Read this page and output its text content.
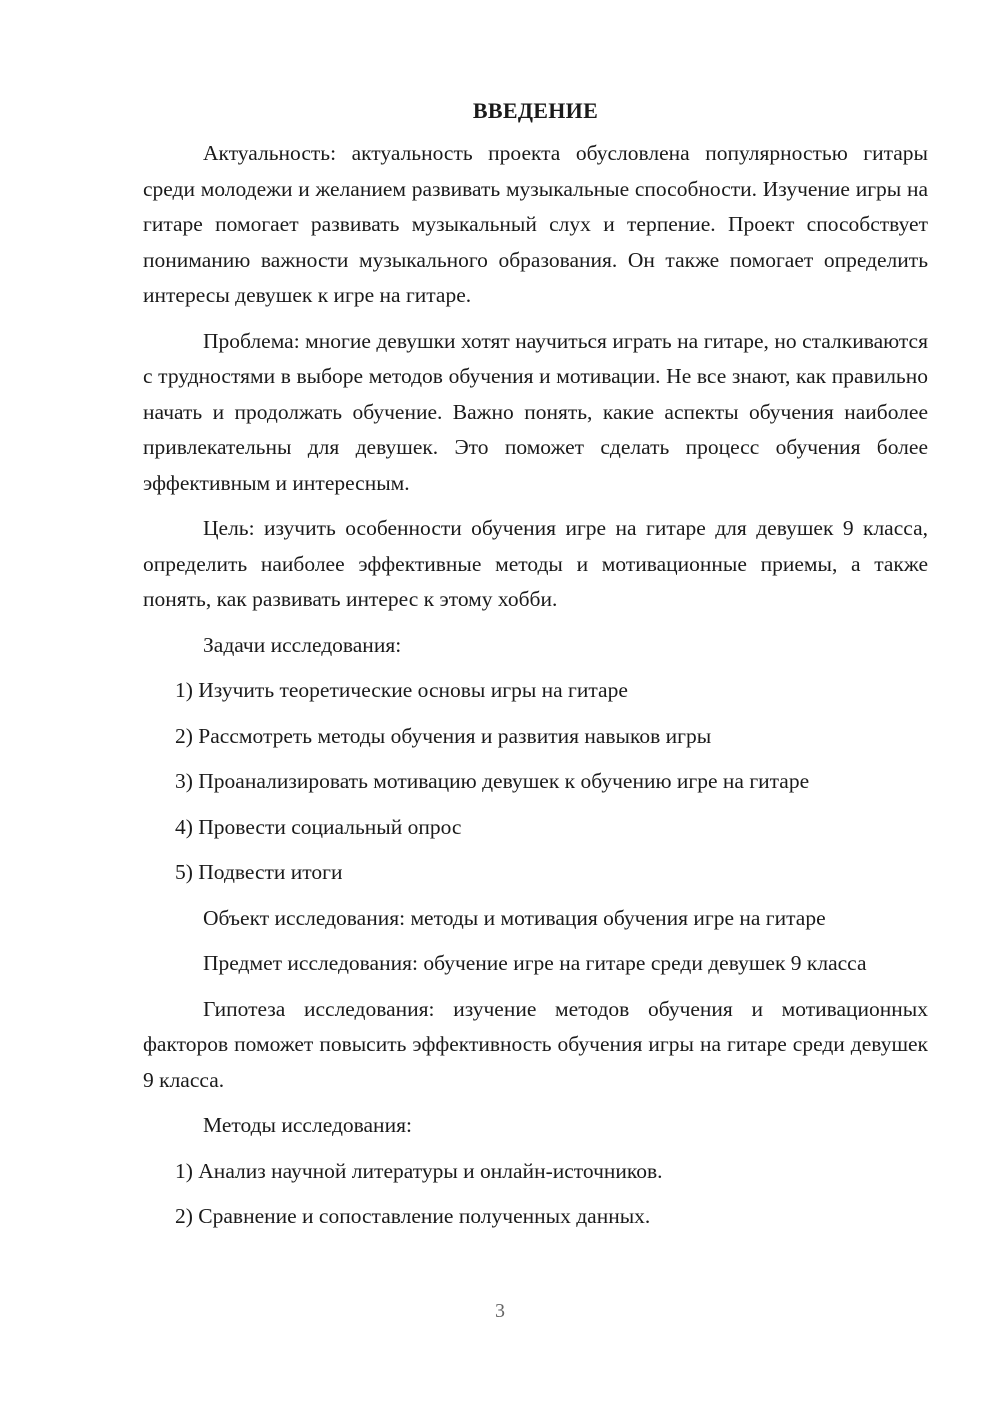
ВВЕДЕНИЕ

Актуальность: актуальность проекта обусловлена популярностью гитары среди молодежи и желанием развивать музыкальные способности. Изучение игры на гитаре помогает развивать музыкальный слух и терпение. Проект способствует пониманию важности музыкального образования. Он также помогает определить интересы девушек к игре на гитаре.

Проблема: многие девушки хотят научиться играть на гитаре, но сталкиваются с трудностями в выборе методов обучения и мотивации. Не все знают, как правильно начать и продолжать обучение. Важно понять, какие аспекты обучения наиболее привлекательны для девушек. Это поможет сделать процесс обучения более эффективным и интересным.

Цель: изучить особенности обучения игре на гитаре для девушек 9 класса, определить наиболее эффективные методы и мотивационные приемы, а также понять, как развивать интерес к этому хобби.

Задачи исследования:

1) Изучить теоретические основы игры на гитаре
2) Рассмотреть методы обучения и развития навыков игры
3) Проанализировать мотивацию девушек к обучению игре на гитаре
4) Провести социальный опрос
5) Подвести итоги

Объект исследования: методы и мотивация обучения игре на гитаре

Предмет исследования: обучение игре на гитаре среди девушек 9 класса

Гипотеза исследования: изучение методов обучения и мотивационных факторов поможет повысить эффективность обучения игры на гитаре среди девушек 9 класса.

Методы исследования:

1) Анализ научной литературы и онлайн-источников.
2) Сравнение и сопоставление полученных данных.
3
